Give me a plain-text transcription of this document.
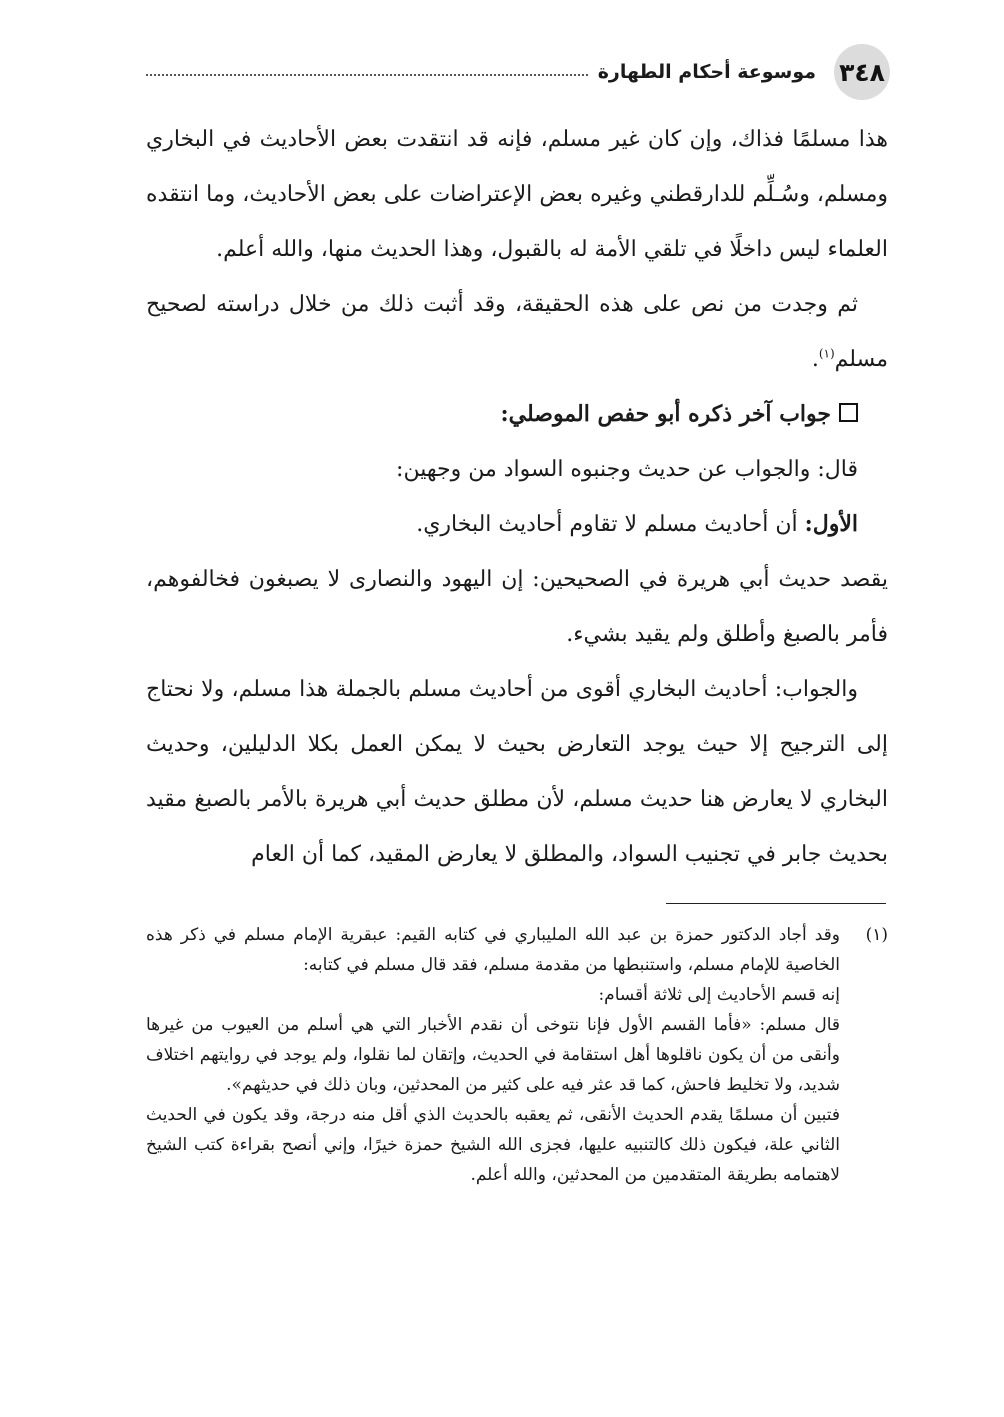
٣٤٨
موسوعة أحكام الطهارة

هذا مسلمًا فذاك، وإن كان غير مسلم، فإنه قد انتقدت بعض الأحاديث في البخاري ومسلم، وسُـلِّم للدارقطني وغيره بعض الإعتراضات على بعض الأحاديث، وما انتقده العلماء ليس داخلًا في تلقي الأمة له بالقبول، وهذا الحديث منها، والله أعلم.

ثم وجدت من نص على هذه الحقيقة، وقد أثبت ذلك من خلال دراسته لصحيح مسلم$^{(١)}$.

جواب آخر ذكره أبو حفص الموصلي:

قال: والجواب عن حديث وجنبوه السواد من وجهين:

الأول: أن أحاديث مسلم لا تقاوم أحاديث البخاري.

يقصد حديث أبي هريرة في الصحيحين: إن اليهود والنصارى لا يصبغون فخالفوهم، فأمر بالصبغ وأطلق ولم يقيد بشيء.

والجواب: أحاديث البخاري أقوى من أحاديث مسلم بالجملة هذا مسلم، ولا نحتاج إلى الترجيح إلا حيث يوجد التعارض بحيث لا يمكن العمل بكلا الدليلين، وحديث البخاري لا يعارض هنا حديث مسلم، لأن مطلق حديث أبي هريرة بالأمر بالصبغ مقيد بحديث جابر في تجنيب السواد، والمطلق لا يعارض المقيد، كما أن العام

(١)
وقد أجاد الدكتور حمزة بن عبد الله المليباري في كتابه القيم: عبقرية الإمام مسلم في ذكر هذه الخاصية للإمام مسلم، واستنبطها من مقدمة مسلم، فقد قال مسلم في كتابه:

إنه قسم الأحاديث إلى ثلاثة أقسام:

قال مسلم: «فأما القسم الأول فإنا نتوخى أن نقدم الأخبار التي هي أسلم من العيوب من غيرها وأنقى من أن يكون ناقلوها أهل استقامة في الحديث، وإتقان لما نقلوا، ولم يوجد في روايتهم اختلاف شديد، ولا تخليط فاحش، كما قد عثر فيه على كثير من المحدثين، وبان ذلك في حديثهم».

فتبين أن مسلمًا يقدم الحديث الأنقى، ثم يعقبه بالحديث الذي أقل منه درجة، وقد يكون في الحديث الثاني علة، فيكون ذلك كالتنبيه عليها، فجزى الله الشيخ حمزة خيرًا، وإني أنصح بقراءة كتب الشيخ لاهتمامه بطريقة المتقدمين من المحدثين، والله أعلم.
